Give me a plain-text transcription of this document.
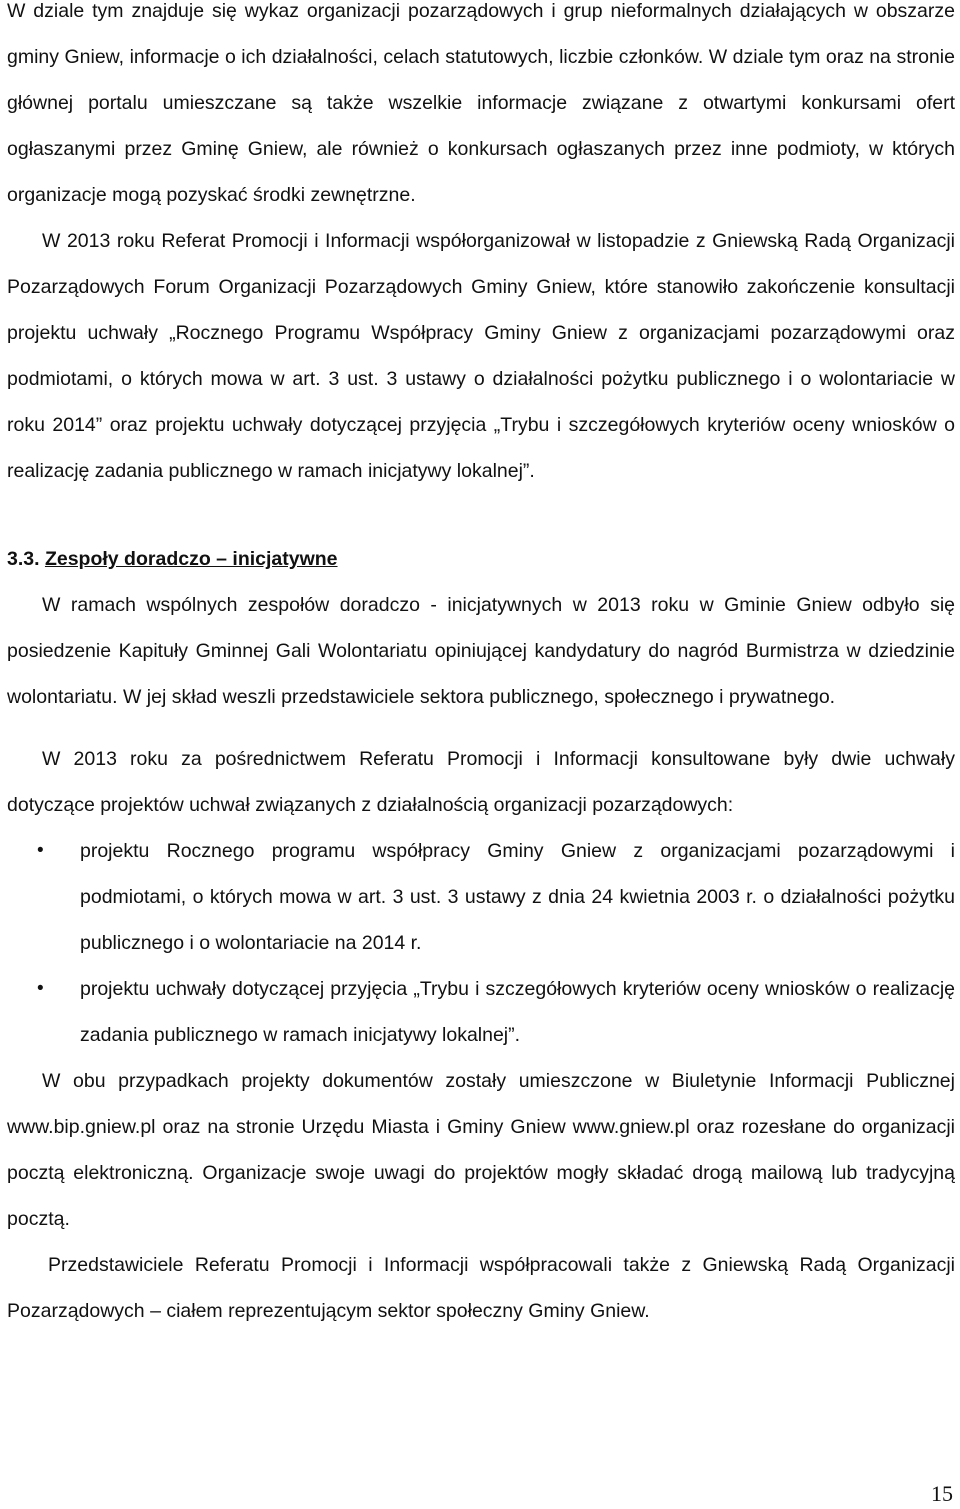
W dziale tym znajduje się wykaz organizacji pozarządowych i grup nieformalnych działających w obszarze gminy Gniew, informacje o ich działalności, celach statutowych, liczbie członków. W dziale tym oraz na stronie głównej portalu umieszczane są także wszelkie informacje związane z otwartymi konkursami ofert ogłaszanymi przez Gminę Gniew, ale również o konkursach ogłaszanych przez inne podmioty, w których organizacje mogą pozyskać środki zewnętrzne.

W 2013 roku Referat Promocji i Informacji współorganizował w listopadzie z Gniewską Radą Organizacji Pozarządowych Forum Organizacji Pozarządowych Gminy Gniew, które stanowiło zakończenie konsultacji projektu uchwały „Rocznego Programu Współpracy Gminy Gniew z organizacjami pozarządowymi oraz podmiotami, o których mowa w art. 3 ust. 3 ustawy o działalności pożytku publicznego i o wolontariacie w roku 2014” oraz projektu uchwały dotyczącej przyjęcia „Trybu i szczegółowych kryteriów oceny wniosków o realizację zadania publicznego w ramach inicjatywy lokalnej”.

3.3. Zespoły doradczo – inicjatywne

W ramach wspólnych zespołów doradczo - inicjatywnych w 2013 roku w Gminie Gniew odbyło się posiedzenie Kapituły Gminnej Gali Wolontariatu opiniującej kandydatury do nagród Burmistrza w dziedzinie wolontariatu. W jej skład weszli przedstawiciele sektora publicznego, społecznego i prywatnego.

W 2013 roku za pośrednictwem Referatu Promocji i Informacji konsultowane były dwie uchwały dotyczące projektów uchwał związanych z działalnością organizacji pozarządowych:

• projektu Rocznego programu współpracy Gminy Gniew z organizacjami pozarządowymi i podmiotami, o których mowa w art. 3 ust. 3 ustawy z dnia 24 kwietnia 2003 r. o działalności pożytku publicznego i o wolontariacie na 2014 r.
• projektu uchwały dotyczącej przyjęcia „Trybu i szczegółowych kryteriów oceny wniosków o realizację zadania publicznego w ramach inicjatywy lokalnej”.

W obu przypadkach projekty dokumentów zostały umieszczone w Biuletynie Informacji Publicznej www.bip.gniew.pl oraz na stronie Urzędu Miasta i Gminy Gniew www.gniew.pl oraz rozesłane do organizacji pocztą elektroniczną. Organizacje swoje uwagi do projektów mogły składać drogą mailową lub tradycyjną pocztą.

Przedstawiciele Referatu Promocji i Informacji współpracowali także z Gniewską Radą Organizacji Pozarządowych – ciałem reprezentującym sektor społeczny Gminy Gniew.

15
